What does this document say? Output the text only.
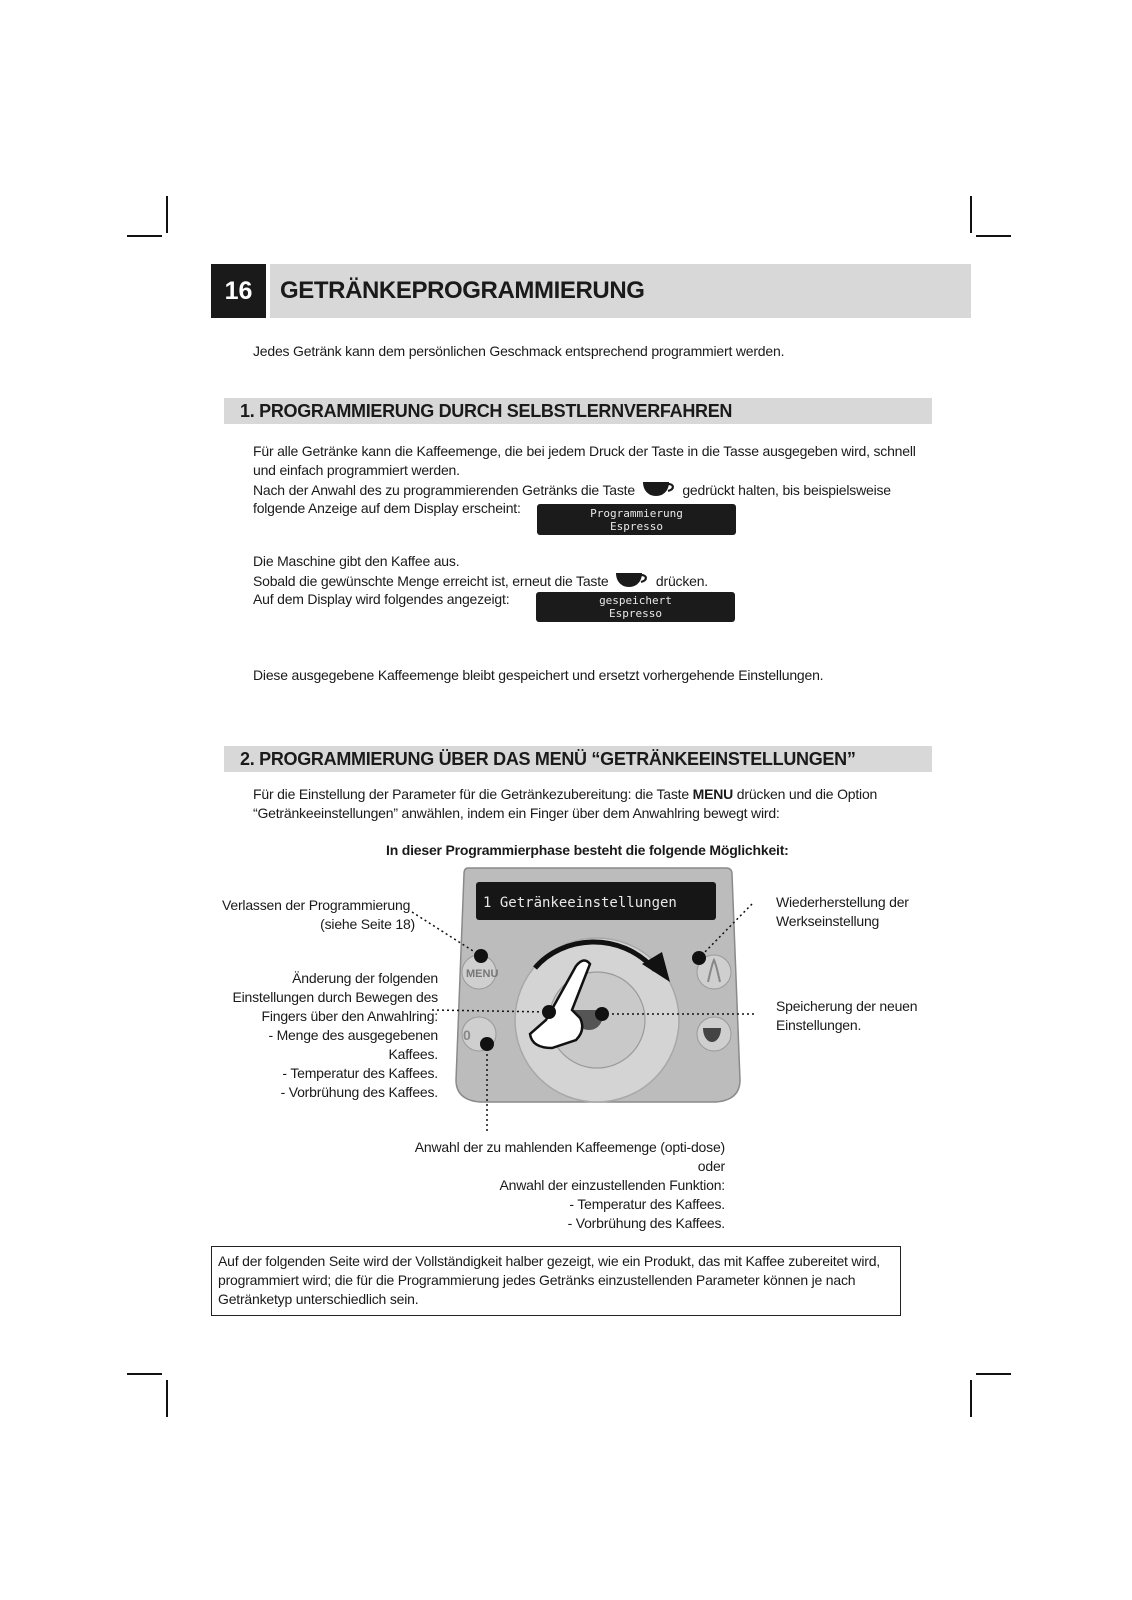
16	GETRÄNKEPROGRAMMIERUNG
Jedes Getränk kann dem persönlichen Geschmack entsprechend programmiert werden.
1. PROGRAMMIERUNG DURCH SELBSTLERNVERFAHREN
Für alle Getränke kann die Kaffeemenge, die bei jedem Druck der Taste in die Tasse ausgegeben wird, schnell
und einfach programmiert werden.
Nach der Anwahl des zu programmierenden Getränks die Taste	gedrückt halten, bis beispielsweise
folgende Anzeige auf dem Display erscheint:	Programmierung
Espresso
Die Maschine gibt den Kaffee aus.
Sobald die gewünschte Menge erreicht ist, erneut die Taste	drücken.
Auf dem Display wird folgendes angezeigt:	gespeichert
Espresso
Diese ausgegebene Kaffeemenge bleibt gespeichert und ersetzt vorhergehende Einstellungen.
2. PROGRAMMIERUNG ÜBER DAS MENÜ “GETRÄNKEEINSTELLUNGEN”
Für die Einstellung der Parameter für die Getränkezubereitung: die Taste MENU drücken und die Option
“Getränkeeinstellungen” anwählen, indem ein Finger über dem Anwahlring bewegt wird:
In dieser Programmierphase besteht die folgende Möglichkeit:
1 Getränkeeinstellungen
MENU
0
Verlassen der Programmierung
(siehe Seite 18)
Änderung der folgenden
Einstellungen durch Bewegen des
Fingers über den Anwahlring:
- Menge des ausgegebenen
Kaffees.
- Temperatur des Kaffees.
- Vorbrühung des Kaffees.
Wiederherstellung der
Werkseinstellung
Speicherung der neuen
Einstellungen.
Anwahl der zu mahlenden Kaffeemenge (opti-dose)
oder
Anwahl der einzustellenden Funktion:
- Temperatur des Kaffees.
- Vorbrühung des Kaffees.
Auf der folgenden Seite wird der Vollständigkeit halber gezeigt, wie ein Produkt, das mit Kaffee zubereitet wird,
programmiert wird; die für die Programmierung jedes Getränks einzustellenden Parameter können je nach
Getränketyp unterschiedlich sein.
